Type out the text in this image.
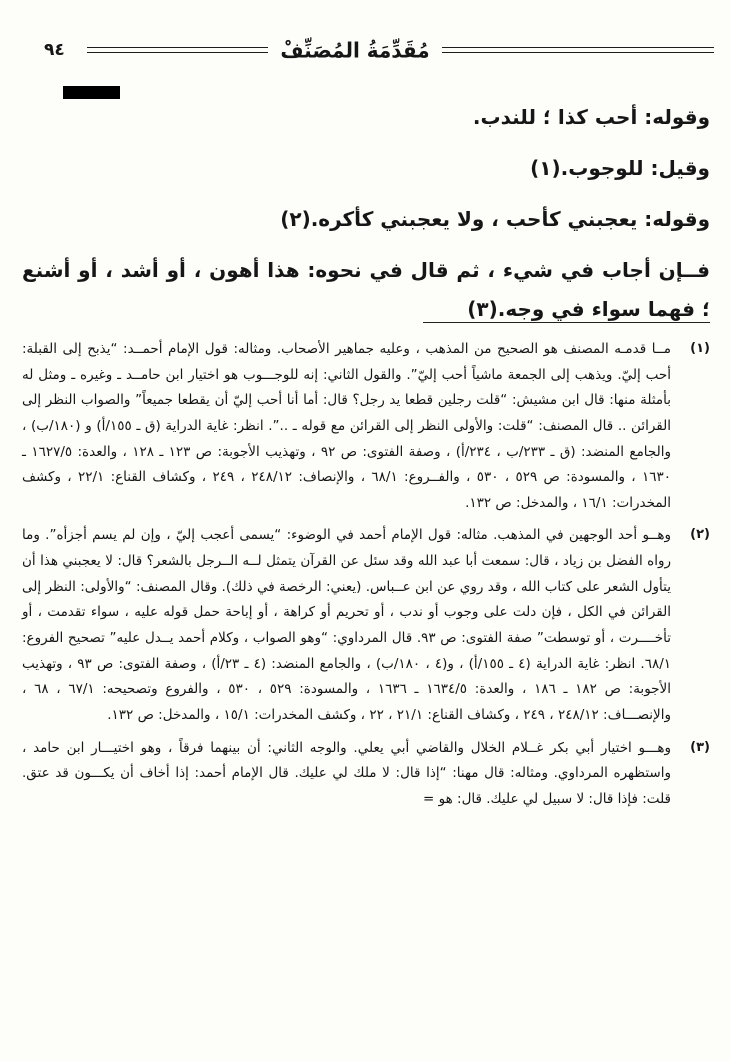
مُقَدِّمَةُ المُصَنِّفْ
٩٤

وقوله: أحب كذا ؛ للندب.

وقيل: للوجوب.(١)

وقوله: يعجبني كأحب ، ولا يعجبني كأكره.(٢)

فــإن أجاب في شيء ، ثم قال في نحوه: هذا أهون ، أو أشد ، أو أشنع ؛ فهما سواء في وجه.(٣)

(١)
مــا قدمـه المصنف هو الصحيح من المذهب ، وعليه جماهير الأصحاب. ومثاله: قول الإمام أحمــد: “يذبح إلى القبلة: أحب إليّ. ويذهب إلى الجمعة ماشياً أحب إليّ”. والقول الثاني: إنه للوجـــوب هو اختيار ابن حامــد ـ وغيره ـ ومثل له بأمثلة منها: قال ابن مشيش: “قلت رجلين قطعا يد رجل؟ قال: أما أنا أحب إليّ أن يقطعا جميعاً” والصواب النظر إلى القرائن .. قال المصنف: “قلت: والأولى النظر إلى القرائن مع قوله ـ ..”. انظر: غاية الدراية (ق ـ ١٥٥/أ) و (١٨٠/ب) ، والجامع المنضد: (ق ـ ٢٣٣/ب ، ٢٣٤/أ) ، وصفة الفتوى: ص ٩٢ ، وتهذيب الأجوبة: ص ١٢٣ ـ ١٢٨ ، والعدة: ١٦٢٧/٥ ـ ١٦٣٠ ، والمسودة: ص ٥٢٩ ، ٥٣٠ ، والفــروع: ٦٨/١ ، والإنصاف: ٢٤٨/١٢ ، ٢٤٩ ، وكشاف القناع: ٢٢/١ ، وكشف المخدرات: ١٦/١ ، والمدخل: ص ١٣٢.
(٢)
وهــو أحد الوجهين في المذهب. مثاله: قول الإمام أحمد في الوضوء: “يسمى أعجب إليّ ، وإن لم يسم أجزأه”. وما رواه الفضل بن زياد ، قال: سمعت أبا عبد الله وقد سئل عن القرآن يتمثل لــه الــرجل بالشعر؟ قال: لا يعجبني هذا أن يتأول الشعر على كتاب الله ، وقد روي عن ابن عــباس. (يعني: الرخصة في ذلك). وقال المصنف: “والأولى: النظر إلى القرائن في الكل ، فإن دلت على وجوب أو ندب ، أو تحريم أو كراهة ، أو إباحة حمل قوله عليه ، سواء تقدمت ، أو تأخــــرت ، أو توسطت” صفة الفتوى: ص ٩٣. قال المرداوي: “وهو الصواب ، وكلام أحمد يــدل عليه” تصحيح الفروع: ٦٨/١. انظر: غاية الدراية (٤ ـ ١٥٥/أ) ، و(٤ ، ١٨٠/ب) ، والجامع المنضد: (٤ ـ ٢٣/أ) ، وصفة الفتوى: ص ٩٣ ، وتهذيب الأجوبة: ص ١٨٢ ـ ١٨٦ ، والعدة: ١٦٣٤/٥ ـ ١٦٣٦ ، والمسودة: ٥٢٩ ، ٥٣٠ ، والفروع وتصحيحه: ٦٧/١ ، ٦٨ ، والإنصـــاف: ٢٤٨/١٢ ، ٢٤٩ ، وكشاف القناع: ٢١/١ ، ٢٢ ، وكشف المخدرات: ١٥/١ ، والمدخل: ص ١٣٢.
(٣)
وهـــو اختيار أبي بكر غــلام الخلال والقاضي أبي يعلي. والوجه الثاني: أن بينهما فرقاً ، وهو اختيـــار ابن حامد ، واستظهره المرداوي. ومثاله: قال مهنا: “إذا قال: لا ملك لي عليك. قال الإمام أحمد: إذا أخاف أن يكـــون قد عتق. قلت: فإذا قال: لا سبيل لي عليك. قال: هو =
